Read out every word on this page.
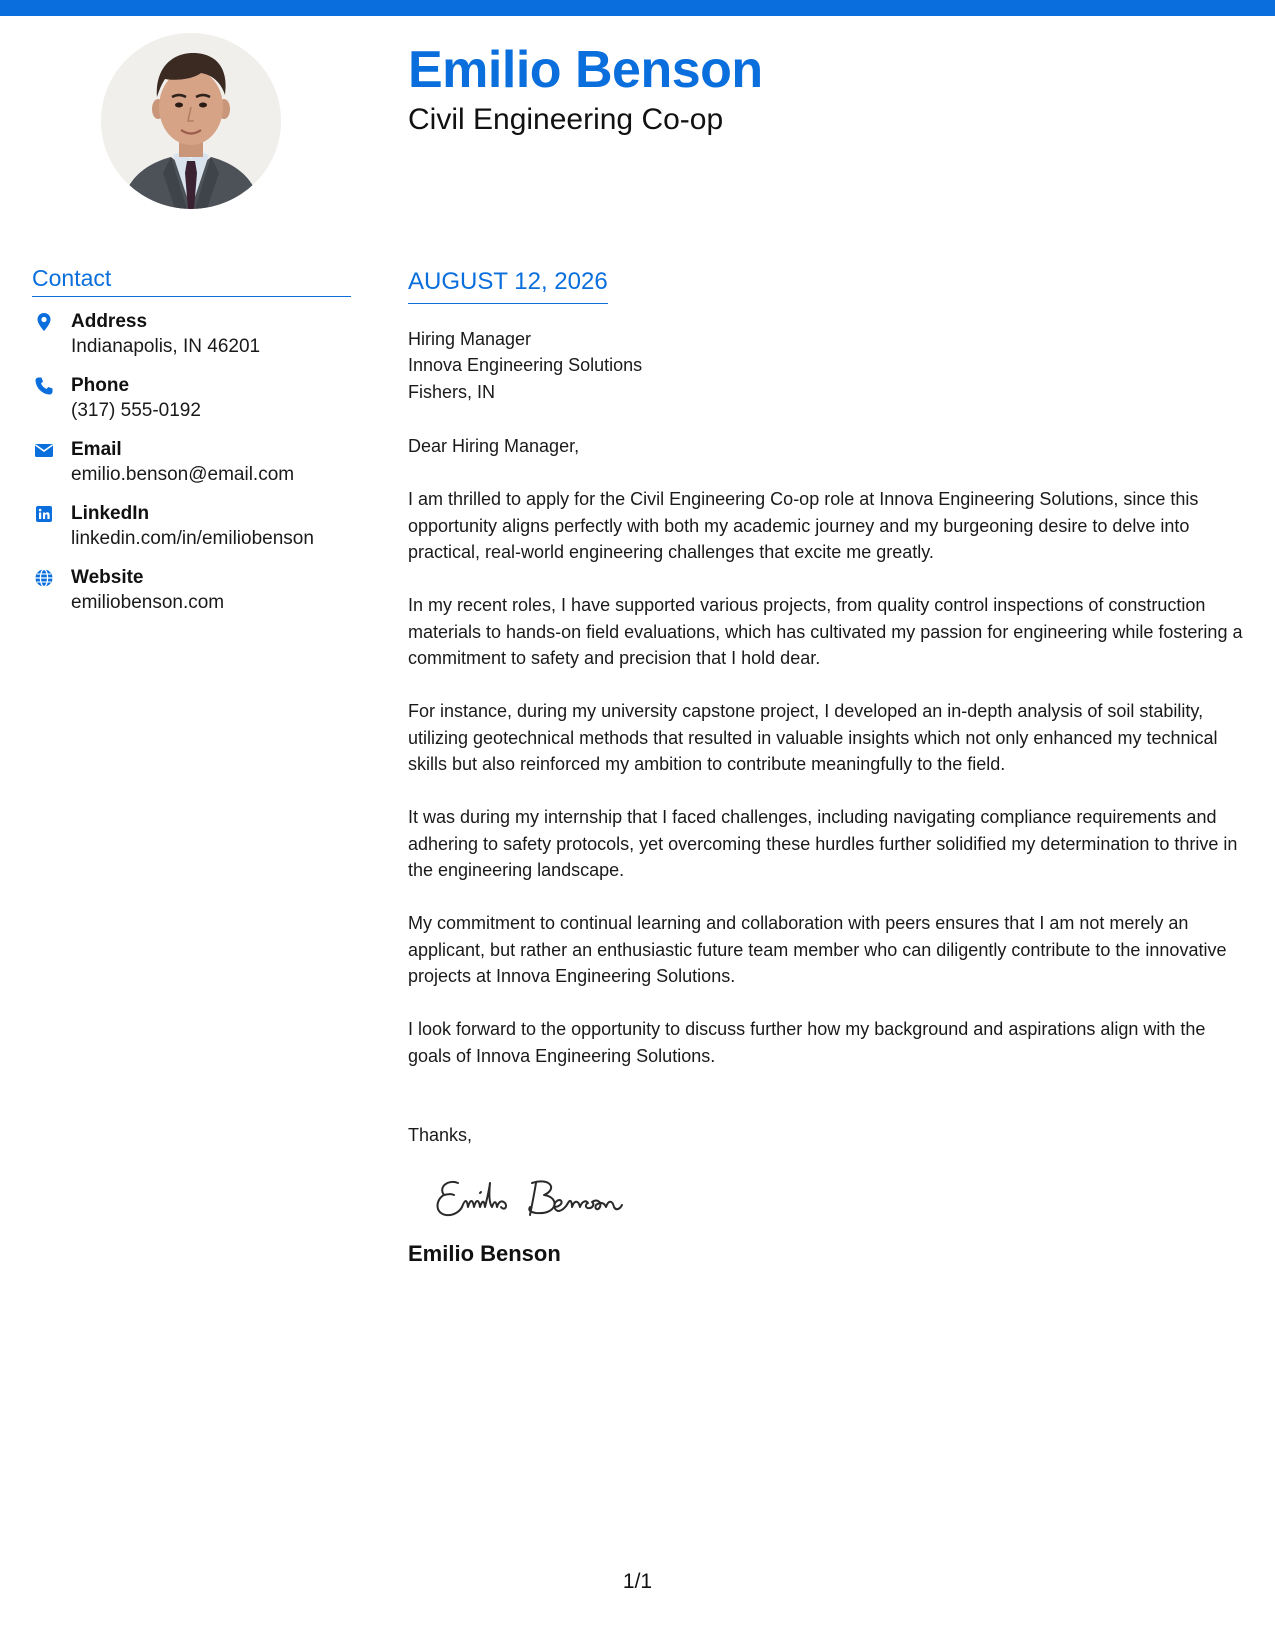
Emilio Benson
Civil Engineering Co-op
Contact
Address
Indianapolis, IN 46201
Phone
(317) 555-0192
Email
emilio.benson@email.com
LinkedIn
linkedin.com/in/emiliobenson
Website
emiliobenson.com
AUGUST 12, 2026
Hiring Manager
Innova Engineering Solutions
Fishers, IN
Dear Hiring Manager,
I am thrilled to apply for the Civil Engineering Co-op role at Innova Engineering Solutions, since this opportunity aligns perfectly with both my academic journey and my burgeoning desire to delve into practical, real-world engineering challenges that excite me greatly.
In my recent roles, I have supported various projects, from quality control inspections of construction materials to hands-on field evaluations, which has cultivated my passion for engineering while fostering a commitment to safety and precision that I hold dear.
For instance, during my university capstone project, I developed an in-depth analysis of soil stability, utilizing geotechnical methods that resulted in valuable insights which not only enhanced my technical skills but also reinforced my ambition to contribute meaningfully to the field.
It was during my internship that I faced challenges, including navigating compliance requirements and adhering to safety protocols, yet overcoming these hurdles further solidified my determination to thrive in the engineering landscape.
My commitment to continual learning and collaboration with peers ensures that I am not merely an applicant, but rather an enthusiastic future team member who can diligently contribute to the innovative projects at Innova Engineering Solutions.
I look forward to the opportunity to discuss further how my background and aspirations align with the goals of Innova Engineering Solutions.
Thanks,
Emilio Benson
1/1
